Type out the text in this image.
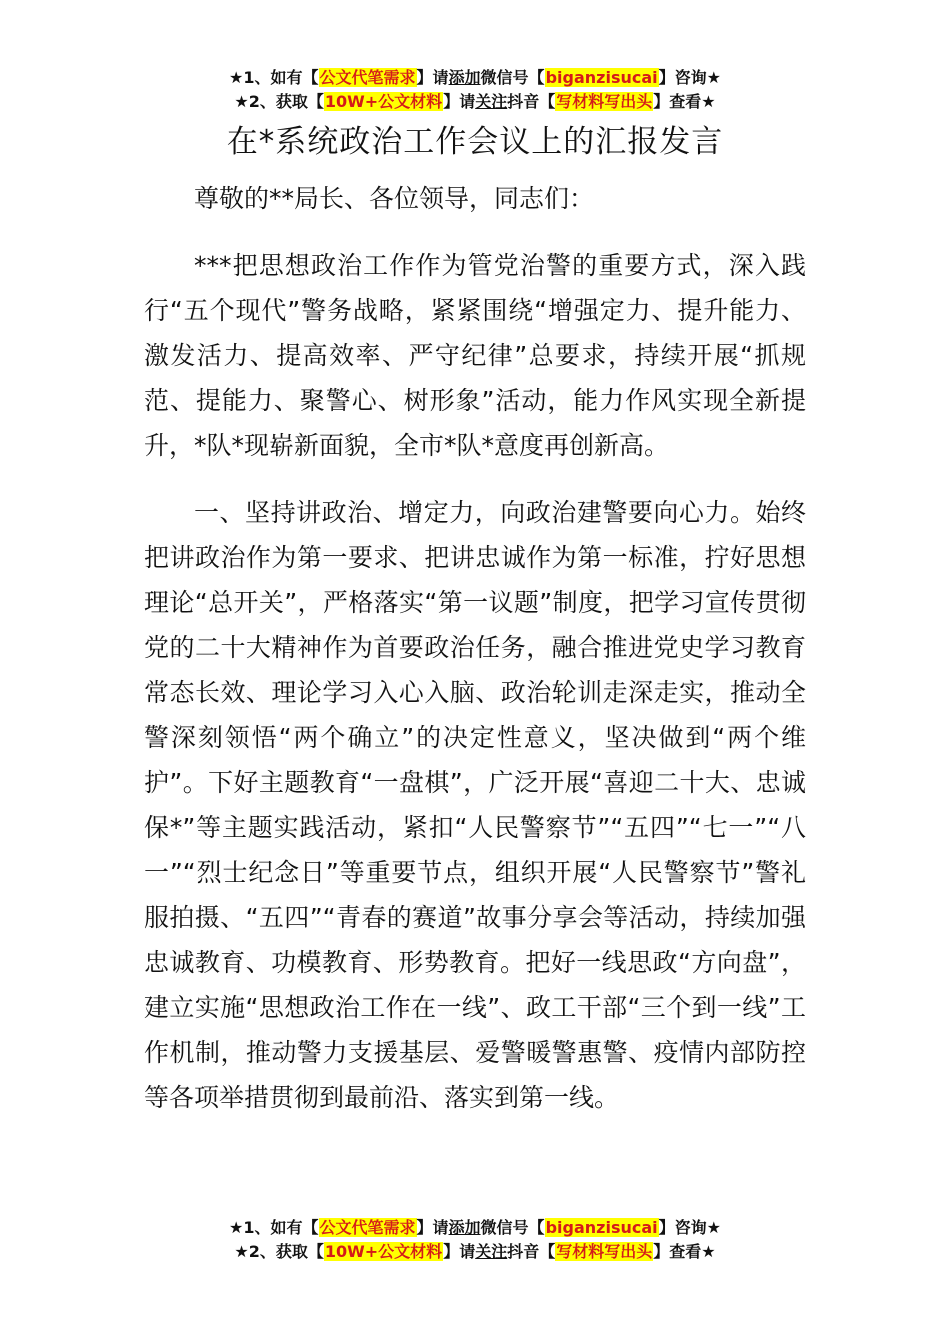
★1、如有【公文代笔需求】请添加微信号【biganzisucai】咨询★
★2、获取【10W+公文材料】请关注抖音【写材料写出头】查看★
在*系统政治工作会议上的汇报发言

尊敬的**局长、各位领导，同志们：

***把思想政治工作作为管党治警的重要方式，深入践行“五个现代”警务战略，紧紧围绕“增强定力、提升能力、激发活力、提高效率、严守纪律”总要求，持续开展“抓规范、提能力、聚警心、树形象”活动，能力作风实现全新提升，*队*现崭新面貌，全市*队*意度再创新高。

一、坚持讲政治、增定力，向政治建警要向心力。始终把讲政治作为第一要求、把讲忠诚作为第一标准，拧好思想理论“总开关”，严格落实“第一议题”制度，把学习宣传贯彻党的二十大精神作为首要政治任务，融合推进党史学习教育常态长效、理论学习入心入脑、政治轮训走深走实，推动全警深刻领悟“两个确立”的决定性意义，坚决做到“两个维护”。下好主题教育“一盘棋”，广泛开展“喜迎二十大、忠诚保*”等主题实践活动，紧扣“人民警察节”“五四”“七一”“八一”“烈士纪念日”等重要节点，组织开展“人民警察节”警礼服拍摄、“五四”“青春的赛道”故事分享会等活动，持续加强忠诚教育、功模教育、形势教育。把好一线思政“方向盘”，建立实施“思想政治工作在一线”、政工干部“三个到一线”工作机制，推动警力支援基层、爱警暖警惠警、疫情内部防控等各项举措贯彻到最前沿、落实到第一线。

★1、如有【公文代笔需求】请添加微信号【biganzisucai】咨询★
★2、获取【10W+公文材料】请关注抖音【写材料写出头】查看★
